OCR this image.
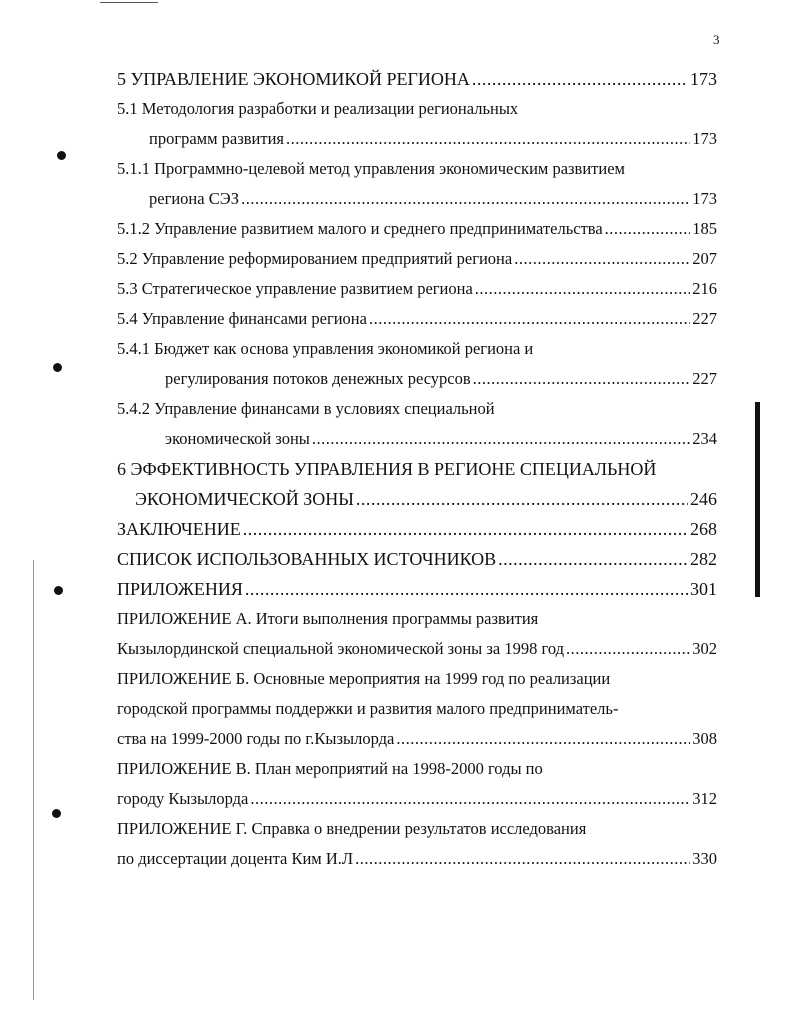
3
5 УПРАВЛЕНИЕ ЭКОНОМИКОЙ РЕГИОНА .....	173
5.1 Методология разработки и реализации региональных
программ развития .....	173
5.1.1 Программно-целевой метод управления экономическим развитием
региона СЭЗ .....	173
5.1.2 Управление развитием малого и среднего предпринимательства .....	185
5.2 Управление реформированием предприятий региона .....	207
5.3 Стратегическое управление развитием региона .....	216
5.4 Управление финансами региона .....	227
5.4.1 Бюджет как основа управления экономикой региона и
регулирования потоков денежных ресурсов .....	227
5.4.2 Управление финансами в условиях специальной
экономической зоны .....	234
6 ЭФФЕКТИВНОСТЬ УПРАВЛЕНИЯ В РЕГИОНЕ СПЕЦИАЛЬНОЙ
ЭКОНОМИЧЕСКОЙ ЗОНЫ .....	246
ЗАКЛЮЧЕНИЕ .....	268
СПИСОК ИСПОЛЬЗОВАННЫХ ИСТОЧНИКОВ .....	282
ПРИЛОЖЕНИЯ .....	301
ПРИЛОЖЕНИЕ А. Итоги выполнения программы развития
Кызылординской специальной экономической зоны за 1998 год .....	302
ПРИЛОЖЕНИЕ Б. Основные мероприятия на 1999 год по реализации
городской программы поддержки и развития малого предприниматель-
ства на 1999-2000 годы по г.Кызылорда .....	308
ПРИЛОЖЕНИЕ В. План мероприятий на 1998-2000 годы по
городу Кызылорда .....	312
ПРИЛОЖЕНИЕ Г. Справка о внедрении результатов исследования
по диссертации доцента Ким И.Л .....	330
